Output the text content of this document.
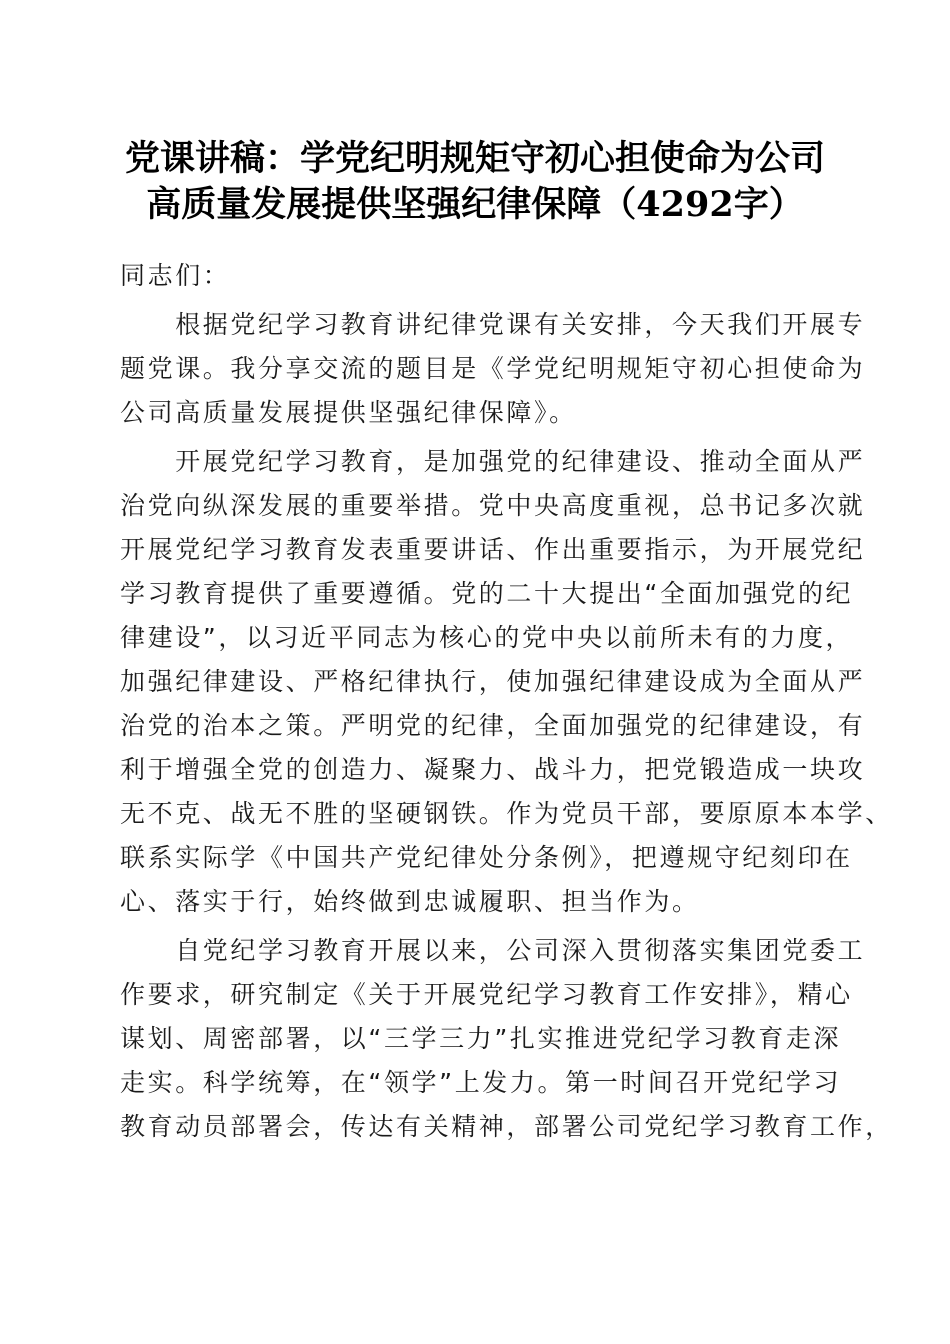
党课讲稿：学党纪明规矩守初心担使命为公司
高质量发展提供坚强纪律保障（4292字）
同志们：
　　根据党纪学习教育讲纪律党课有关安排，今天我们开展专
题党课。我分享交流的题目是《学党纪明规矩守初心担使命为
公司高质量发展提供坚强纪律保障》。
　　开展党纪学习教育，是加强党的纪律建设、推动全面从严
治党向纵深发展的重要举措。党中央高度重视，总书记多次就
开展党纪学习教育发表重要讲话、作出重要指示，为开展党纪
学习教育提供了重要遵循。党的二十大提出“全面加强党的纪
律建设”，以习近平同志为核心的党中央以前所未有的力度，
加强纪律建设、严格纪律执行，使加强纪律建设成为全面从严
治党的治本之策。严明党的纪律，全面加强党的纪律建设，有
利于增强全党的创造力、凝聚力、战斗力，把党锻造成一块攻
无不克、战无不胜的坚硬钢铁。作为党员干部，要原原本本学、
联系实际学《中国共产党纪律处分条例》，把遵规守纪刻印在
心、落实于行，始终做到忠诚履职、担当作为。
　　自党纪学习教育开展以来，公司深入贯彻落实集团党委工
作要求，研究制定《关于开展党纪学习教育工作安排》，精心
谋划、周密部署，以“三学三力”扎实推进党纪学习教育走深
走实。科学统筹，在“领学”上发力。第一时间召开党纪学习
教育动员部署会，传达有关精神，部署公司党纪学习教育工作，
